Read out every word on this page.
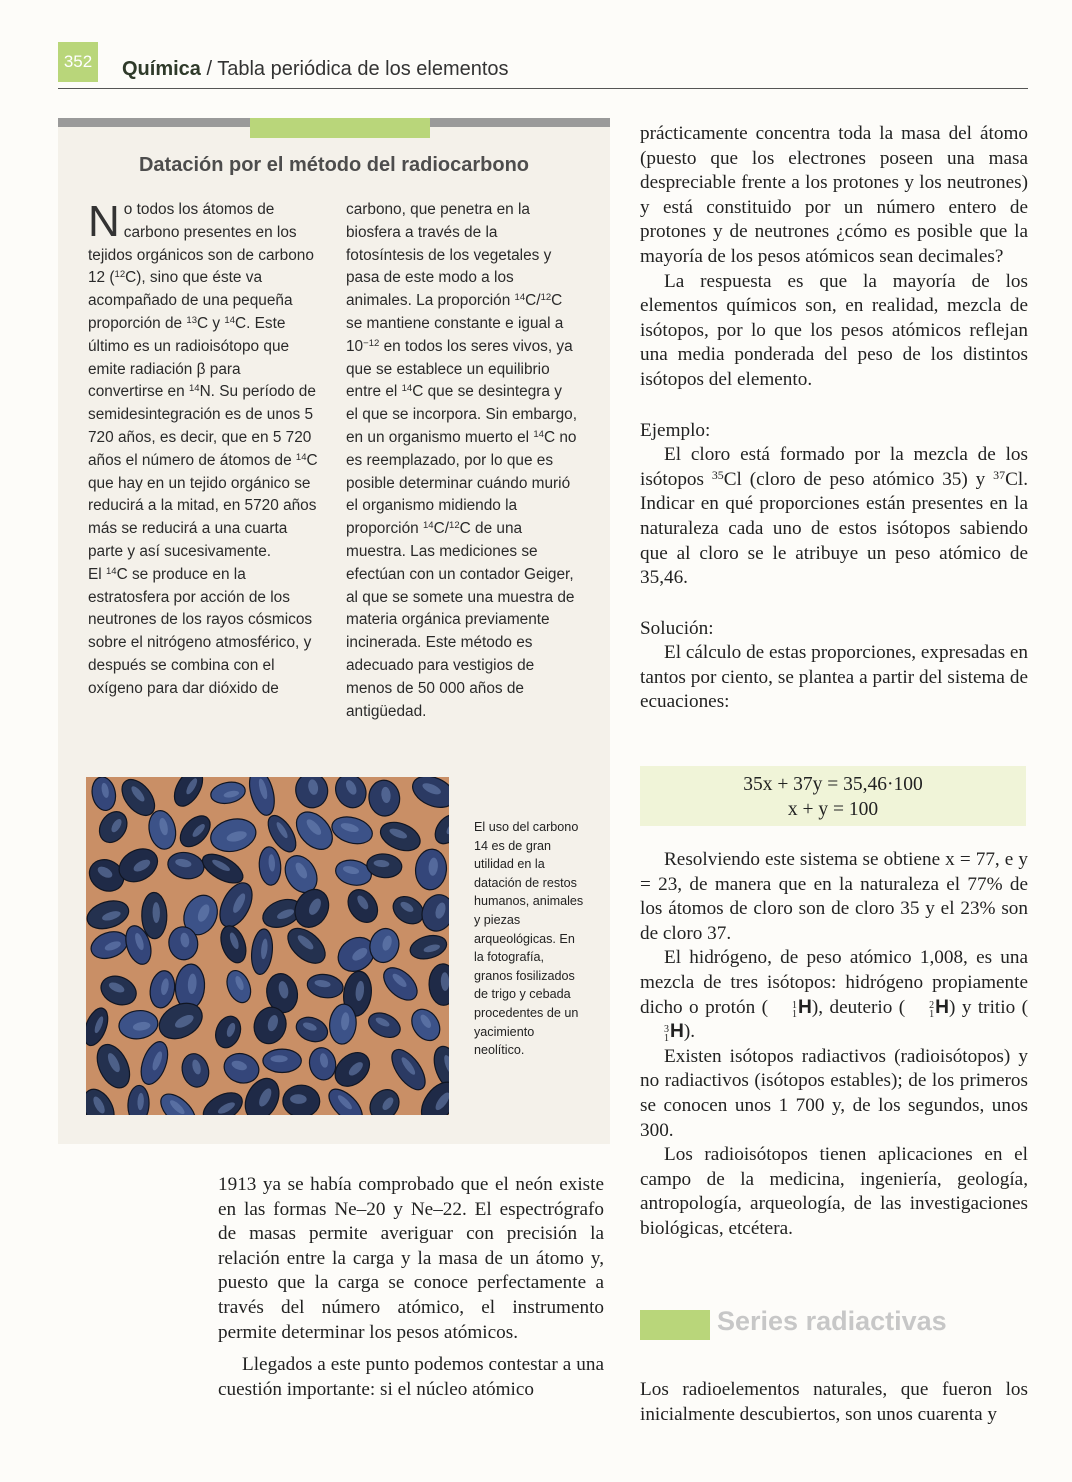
352 Química / Tabla periódica de los elementos
Datación por el método del radiocarbono

No todos los átomos de carbono presentes en los tejidos orgánicos son de carbono 12 ($^{12}$C), sino que éste va acompañado de una pequeña proporción de $^{13}$C y $^{14}$C. Este último es un radioisótopo que emite radiación β para convertirse en $^{14}$N. Su período de semidesintegración es de unos 5 720 años, es decir, que en 5 720 años el número de átomos de $^{14}$C que hay en un tejido orgánico se reducirá a la mitad, en 5720 años más se reducirá a una cuarta parte y así sucesivamente.

El $^{14}$C se produce en la estratosfera por acción de los neutrones de los rayos cósmicos sobre el nitrógeno atmosférico, y después se combina con el oxígeno para dar dióxido de

carbono, que penetra en la biosfera a través de la fotosíntesis de los vegetales y pasa de este modo a los animales. La proporción $^{14}$C/$^{12}$C se mantiene constante e igual a $10^{-12}$ en todos los seres vivos, ya que se establece un equilibrio entre el $^{14}$C que se desintegra y el que se incorpora. Sin embargo, en un organismo muerto el $^{14}$C no es reemplazado, por lo que es posible determinar cuándo murió el organismo midiendo la proporción $^{14}$C/$^{12}$C de una muestra. Las mediciones se efectúan con un contador Geiger, al que se somete una muestra de materia orgánica previamente incinerada. Este método es adecuado para vestigios de menos de 50 000 años de antigüedad.

El uso del carbono 14 es de gran utilidad en la datación de restos humanos, animales y piezas arqueológicas. En la fotografía, granos fosilizados de trigo y cebada procedentes de un yacimiento neolítico.

prácticamente concentra toda la masa del átomo (puesto que los electrones poseen una masa despreciable frente a los protones y los neutrones) y está constituido por un número entero de protones y de neutrones ¿cómo es posible que la mayoría de los pesos atómicos sean decimales?

La respuesta es que la mayoría de los elementos químicos son, en realidad, mezcla de isótopos, por lo que los pesos atómicos reflejan una media ponderada del peso de los distintos isótopos del elemento.

Ejemplo:

El cloro está formado por la mezcla de los isótopos $^{35}$Cl (cloro de peso atómico 35) y $^{37}$Cl. Indicar en qué proporciones están presentes en la naturaleza cada uno de estos isótopos sabiendo que al cloro se le atribuye un peso atómico de 35,46.

Solución:

El cálculo de estas proporciones, expresadas en tantos por ciento, se plantea a partir del sistema de ecuaciones:

35x + 37y = 35,46·100
x + y = 100

Resolviendo este sistema se obtiene x = 77, e y = 23, de manera que en la naturaleza el 77% de los átomos de cloro son de cloro 35 y el 23% son de cloro 37.

El hidrógeno, de peso atómico 1,008, es una mezcla de tres isótopos: hidrógeno propiamente dicho o protón ( 1
1H), deuterio ( 2
1H) y tritio (3
1H).

Existen isótopos radiactivos (radioisótopos) y no radiactivos (isótopos estables); de los primeros se conocen unos 1 700 y, de los segundos, unos 300.

Los radioisótopos tienen aplicaciones en el campo de la medicina, ingeniería, geología, antropología, arqueología, de las investigaciones biológicas, etcétera.

Series radiactivas

Los radioelementos naturales, que fueron los inicialmente descubiertos, son unos cuarenta y

1913 ya se había comprobado que el neón existe en las formas Ne–20 y Ne–22. El espectrógrafo de masas permite averiguar con precisión la relación entre la carga y la masa de un átomo y, puesto que la carga se conoce perfectamente a través del número atómico, el instrumento permite determinar los pesos atómicos.

Llegados a este punto podemos contestar a una cuestión importante: si el núcleo atómico
